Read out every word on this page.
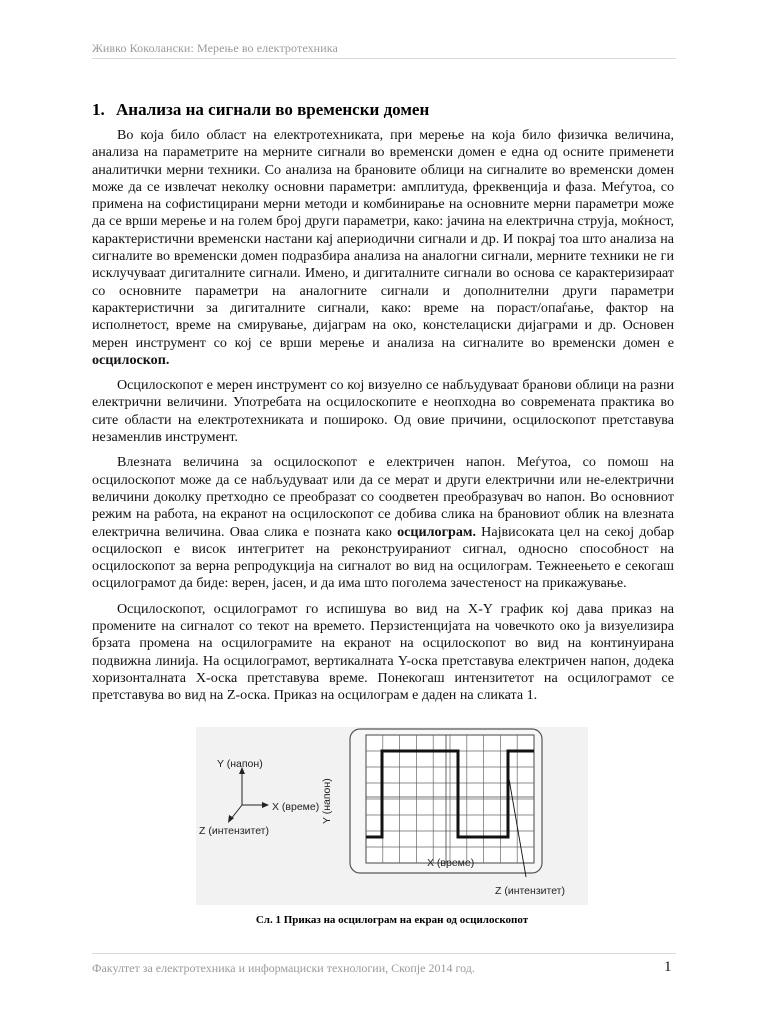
Живко Коколански: Мерење во електротехника
1. Анализа на сигнали во временски домен

Во која било област на електротехниката, при мерење на која било физичка величина, анализа на параметрите на мерните сигнали во временски домен е една од осните применети аналитички мерни техники. Со анализа на брановите облици на сигналите во временски домен може да се извлечат неколку основни параметри: амплитуда, фреквенција и фаза. Меѓутоа, со примена на софистицирани мерни методи и комбинирање на основните мерни параметри може да се врши мерење и на голем број други параметри, како: јачина на електрична струја, моќност, карактеристични временски настани кај апериодични сигнали и др. И покрај тоа што анализа на сигналите во временски домен подразбира анализа на аналогни сигнали, мерните техники не ги исклучуваат дигиталните сигнали. Имено, и дигиталните сигнали во основа се карактеризираат со основните параметри на аналогните сигнали и дополнителни други параметри карактеристични за дигиталните сигнали, како: време на пораст/опаѓање, фактор на исполнетост, време на смирување, дијаграм на око, констелациски дијаграми и др. Основен мерен инструмент со кој се врши мерење и анализа на сигналите во временски домен е осцилоскоп.

Осцилоскопот е мерен инструмент со кој визуелно се набљудуваат бранови облици на разни електрични величини. Употребата на осцилоскопите е неопходна во современата практика во сите области на електротехниката и пошироко. Од овие причини, осцилоскопот претставува незаменлив инструмент.

Влезната величина за осцилоскопот е електричен напон. Меѓутоа, со помош на осцилоскопот може да се набљудуваат или да се мерат и други електрични или не-електрични величини доколку претходно се преобразат со соодветен преобразувач во напон. Во основниот режим на работа, на екранот на осцилоскопот се добива слика на брановиот облик на влезната електрична величина. Оваа слика е позната како осцилограм. Највисоката цел на секој добар осцилоскоп е висок интегритет на реконструираниот сигнал, односно способност на осцилоскопот за верна репродукција на сигналот во вид на осцилограм. Тежнеењето е секогаш осцилограмот да биде: верен, јасен, и да има што поголема зачестеност на прикажување.

Осцилоскопот, осцилограмот го испишува во вид на X-Y график кој дава приказ на промените на сигналот со текот на времето. Перзистенцијата на човечкото око ја визуелизира брзата промена на осцилограмите на екранот на осцилоскопот во вид на континуирана подвижна линија. На осцилограмот, вертикалната Y-оска претставува електричен напон, додека хоризонталната X-оска претставува време. Понекогаш интензитетот на осцилограмот се претставува во вид на Z-оска. Приказ на осцилограм е даден на сликата 1.

Y (напон)
X (време)
Z (интензитет)
Y (напон)
X (време)
Z (интензитет)
Сл. 1 Приказ на осцилограм на екран од осцилоскопот
Факултет за електротехника и информациски технологии, Скопје 2014 год.	1
